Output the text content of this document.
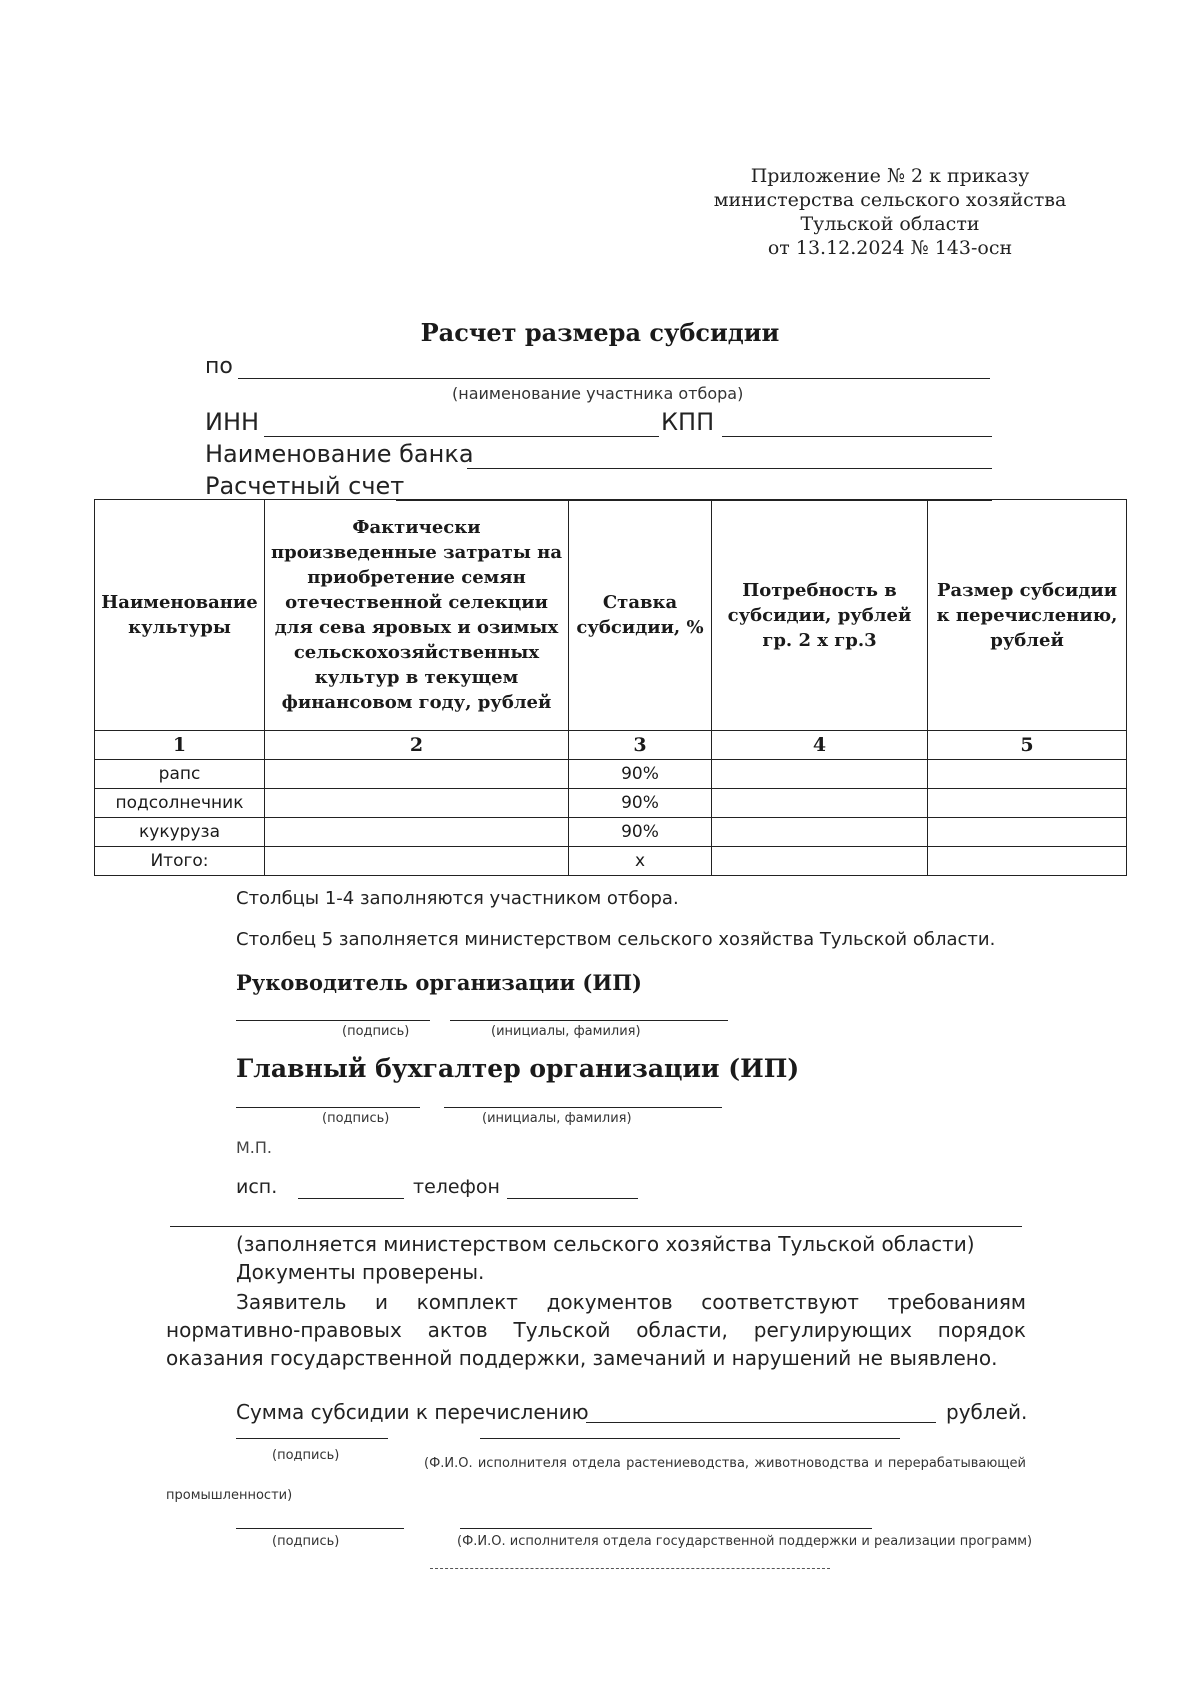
Приложение № 2 к приказу
министерства сельского хозяйства
Тульской области
от 13.12.2024 № 143-осн
Расчет размера субсидии
по
(наименование участника отбора)
ИНН	КПП
Наименование банка
Расчетный счет
Наименование культуры	Фактически произведенные затраты на приобретение семян отечественной селекции для сева яровых и озимых сельскохозяйственных культур в текущем финансовом году, рублей	Ставка субсидии, %	Потребность в субсидии, рублей гр. 2 х гр.3	Размер субсидии к перечислению, рублей
1	2	3	4	5
рапс		90%		
подсолнечник		90%		
кукуруза		90%		
Итого:		х		
Столбцы 1-4 заполняются участником отбора.
Столбец 5 заполняется министерством сельского хозяйства Тульской области.
Руководитель организации (ИП)
(подпись)	(инициалы, фамилия)
Главный бухгалтер организации (ИП)
(подпись)	(инициалы, фамилия)
М.П.
исп.	телефон
(заполняется министерством сельского хозяйства Тульской области)
Документы проверены.
Заявитель и комплект документов соответствуют требованиям нормативно-правовых актов Тульской области, регулирующих порядок оказания государственной поддержки, замечаний и нарушений не выявлено.
Сумма субсидии к перечислению	рублей.
(подпись)
(Ф.И.О. исполнителя отдела растениеводства, животноводства и перерабатывающей промышленности)
(подпись)	(Ф.И.О. исполнителя отдела государственной поддержки и реализации программ)
